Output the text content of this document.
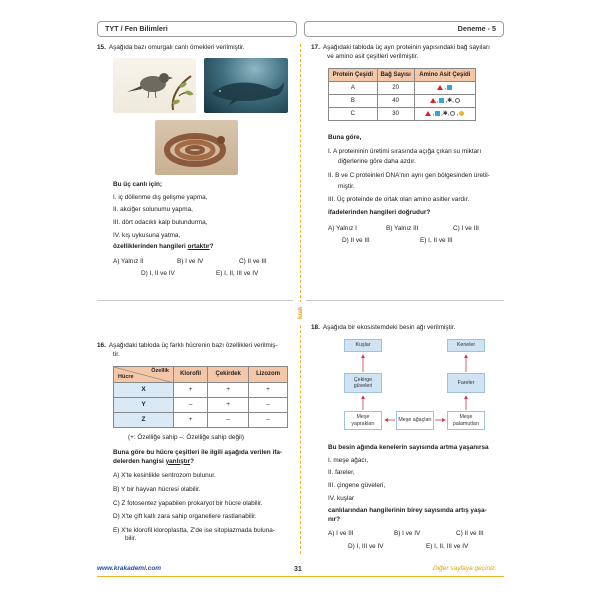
TYT / Fen Bilimleri	Deneme - 5
krak
15. Aşağıda bazı omurgalı canlı örnekleri verilmiştir.
Bu üç canlı için;
I. iç döllenme dış gelişme yapma,
II. akciğer solunumu yapma,
III. dört odacıklı kalp bulundurma,
IV. kış uykusuna yatma,
özelliklerinden hangileri ortaktır?
A) Yalnız II	B) I ve IV	C) II ve III
D) I, II ve IV	E) I, II, III ve IV
16. Aşağıdaki tabloda üç farklı hücrenin bazı özellikleri verilmiş-
tir.
Özellik
Hücre	Klorofil	Çekirdek	Lizozom
X	+	+	+
Y	–	+	–
Z	+	–	–
(+: Özelliğe sahip –: Özelliğe sahip değil)
Buna göre bu hücre çeşitleri ile ilgili aşağıda verilen ifa-
delerden hangisi yanlıştır?
A) X'te kesinlikle sentrozom bulunur.
B) Y bir hayvan hücresi olabilir.
C) Z fotosentez yapabilen prokaryot bir hücre olabilir.
D) X'te çift katlı zara sahip organellere rastlanabilir.
E) X'te klorofil kloroplastta, Z'de ise sitoplazmada buluna-
bilir.
17. Aşağıdaki tabloda üç ayrı proteinin yapısındaki bağ sayıları
ve amino asit çeşitleri verilmiştir.
Protein Çeşidi	Bağ Sayısı	Amino Asit Çeşidi
A	20	,
B	40	, ,✱,
C	30	, ,✱, ,
Buna göre,
I. A proteininin üretimi sırasında açığa çıkan su miktarı
diğerlerine göre daha azdır.
II. B ve C proteinleri DNA'nın aynı gen bölgesinden üretil-
miştir.
III. Üç proteinde de ortak olan amino asitler vardır.
ifadelerinden hangileri doğrudur?
A) Yalnız I	B) Yalnız III	C) I ve III
D) II ve III	E) I, II ve III
18. Aşağıda bir ekosistemdeki besin ağı verilmiştir.
Kuşlar	Keneler
Çekirge güveleri
Fareler
Meşe yaprakları
Meşe ağaçları
Meşe palamutları
Bu besin ağında kenelerin sayısında artma yaşanırsa
I. meşe ağacı,
II. fareler,
III. çingene güveleri,
IV. kuşlar
canlılarından hangilerinin birey sayısında artış yaşa-
nır?
A) I ve III	B) I ve IV	C) II ve III
D) I, III ve IV	E) I, II, III ve IV
www.krakademi.com	31	Diğer sayfaya geçiniz.
